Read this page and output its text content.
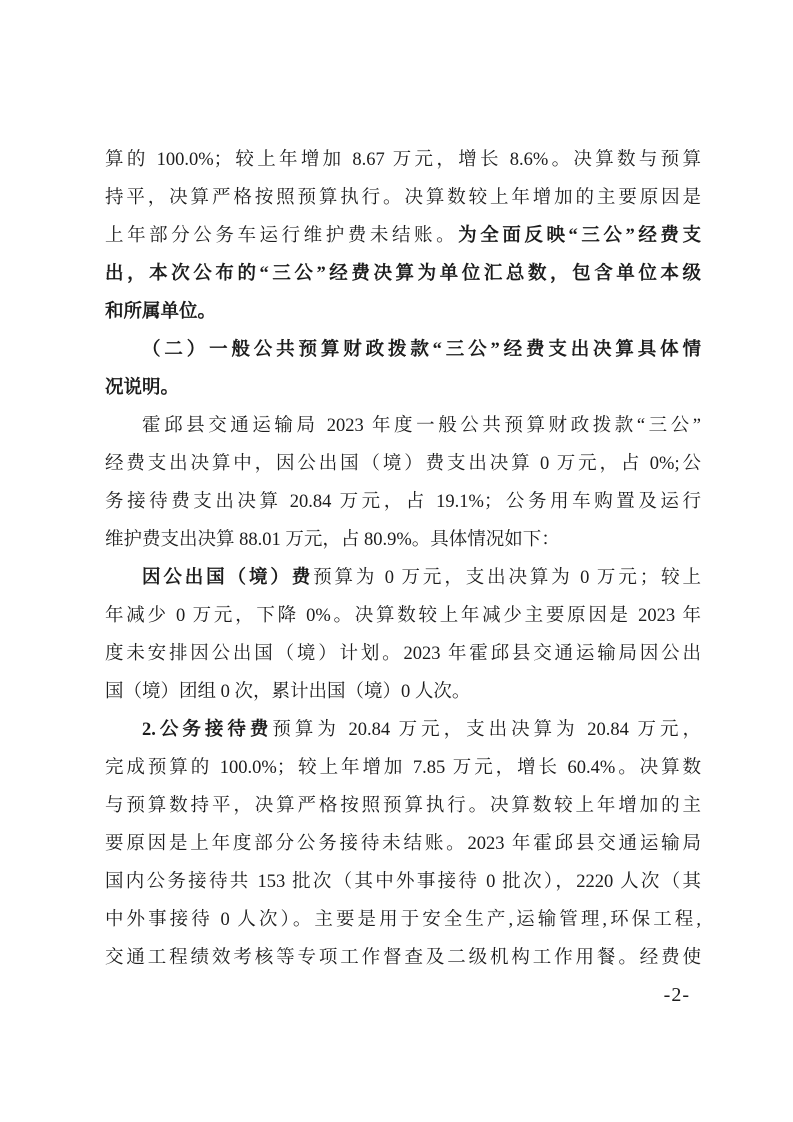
算的 100.0%；较上年增加 8.67 万元，增长 8.6%。决算数与预算
持平，决算严格按照预算执行。决算数较上年增加的主要原因是
上年部分公务车运行维护费未结账。为全面反映“三公”经费支
出，本次公布的“三公”经费决算为单位汇总数，包含单位本级
和所属单位。
（二）一般公共预算财政拨款“三公”经费支出决算具体情
况说明。
霍邱县交通运输局 2023 年度一般公共预算财政拨款“三公”
经费支出决算中，因公出国（境）费支出决算 0 万元，占 0%;公
务接待费支出决算 20.84 万元，占 19.1%；公务用车购置及运行
维护费支出决算 88.01 万元，占 80.9%。具体情况如下：
因公出国（境）费预算为 0 万元，支出决算为 0 万元；较上
年减少 0 万元，下降 0%。决算数较上年减少主要原因是 2023 年
度未安排因公出国（境）计划。2023 年霍邱县交通运输局因公出
国（境）团组 0 次，累计出国（境）0 人次。
2.公务接待费预算为 20.84 万元，支出决算为 20.84 万元，
完成预算的 100.0%；较上年增加 7.85 万元，增长 60.4%。决算数
与预算数持平，决算严格按照预算执行。决算数较上年增加的主
要原因是上年度部分公务接待未结账。2023 年霍邱县交通运输局
国内公务接待共 153 批次（其中外事接待 0 批次），2220 人次（其
中外事接待 0 人次）。主要是用于安全生产,运输管理,环保工程,
交通工程绩效考核等专项工作督查及二级机构工作用餐。经费使
-2-
